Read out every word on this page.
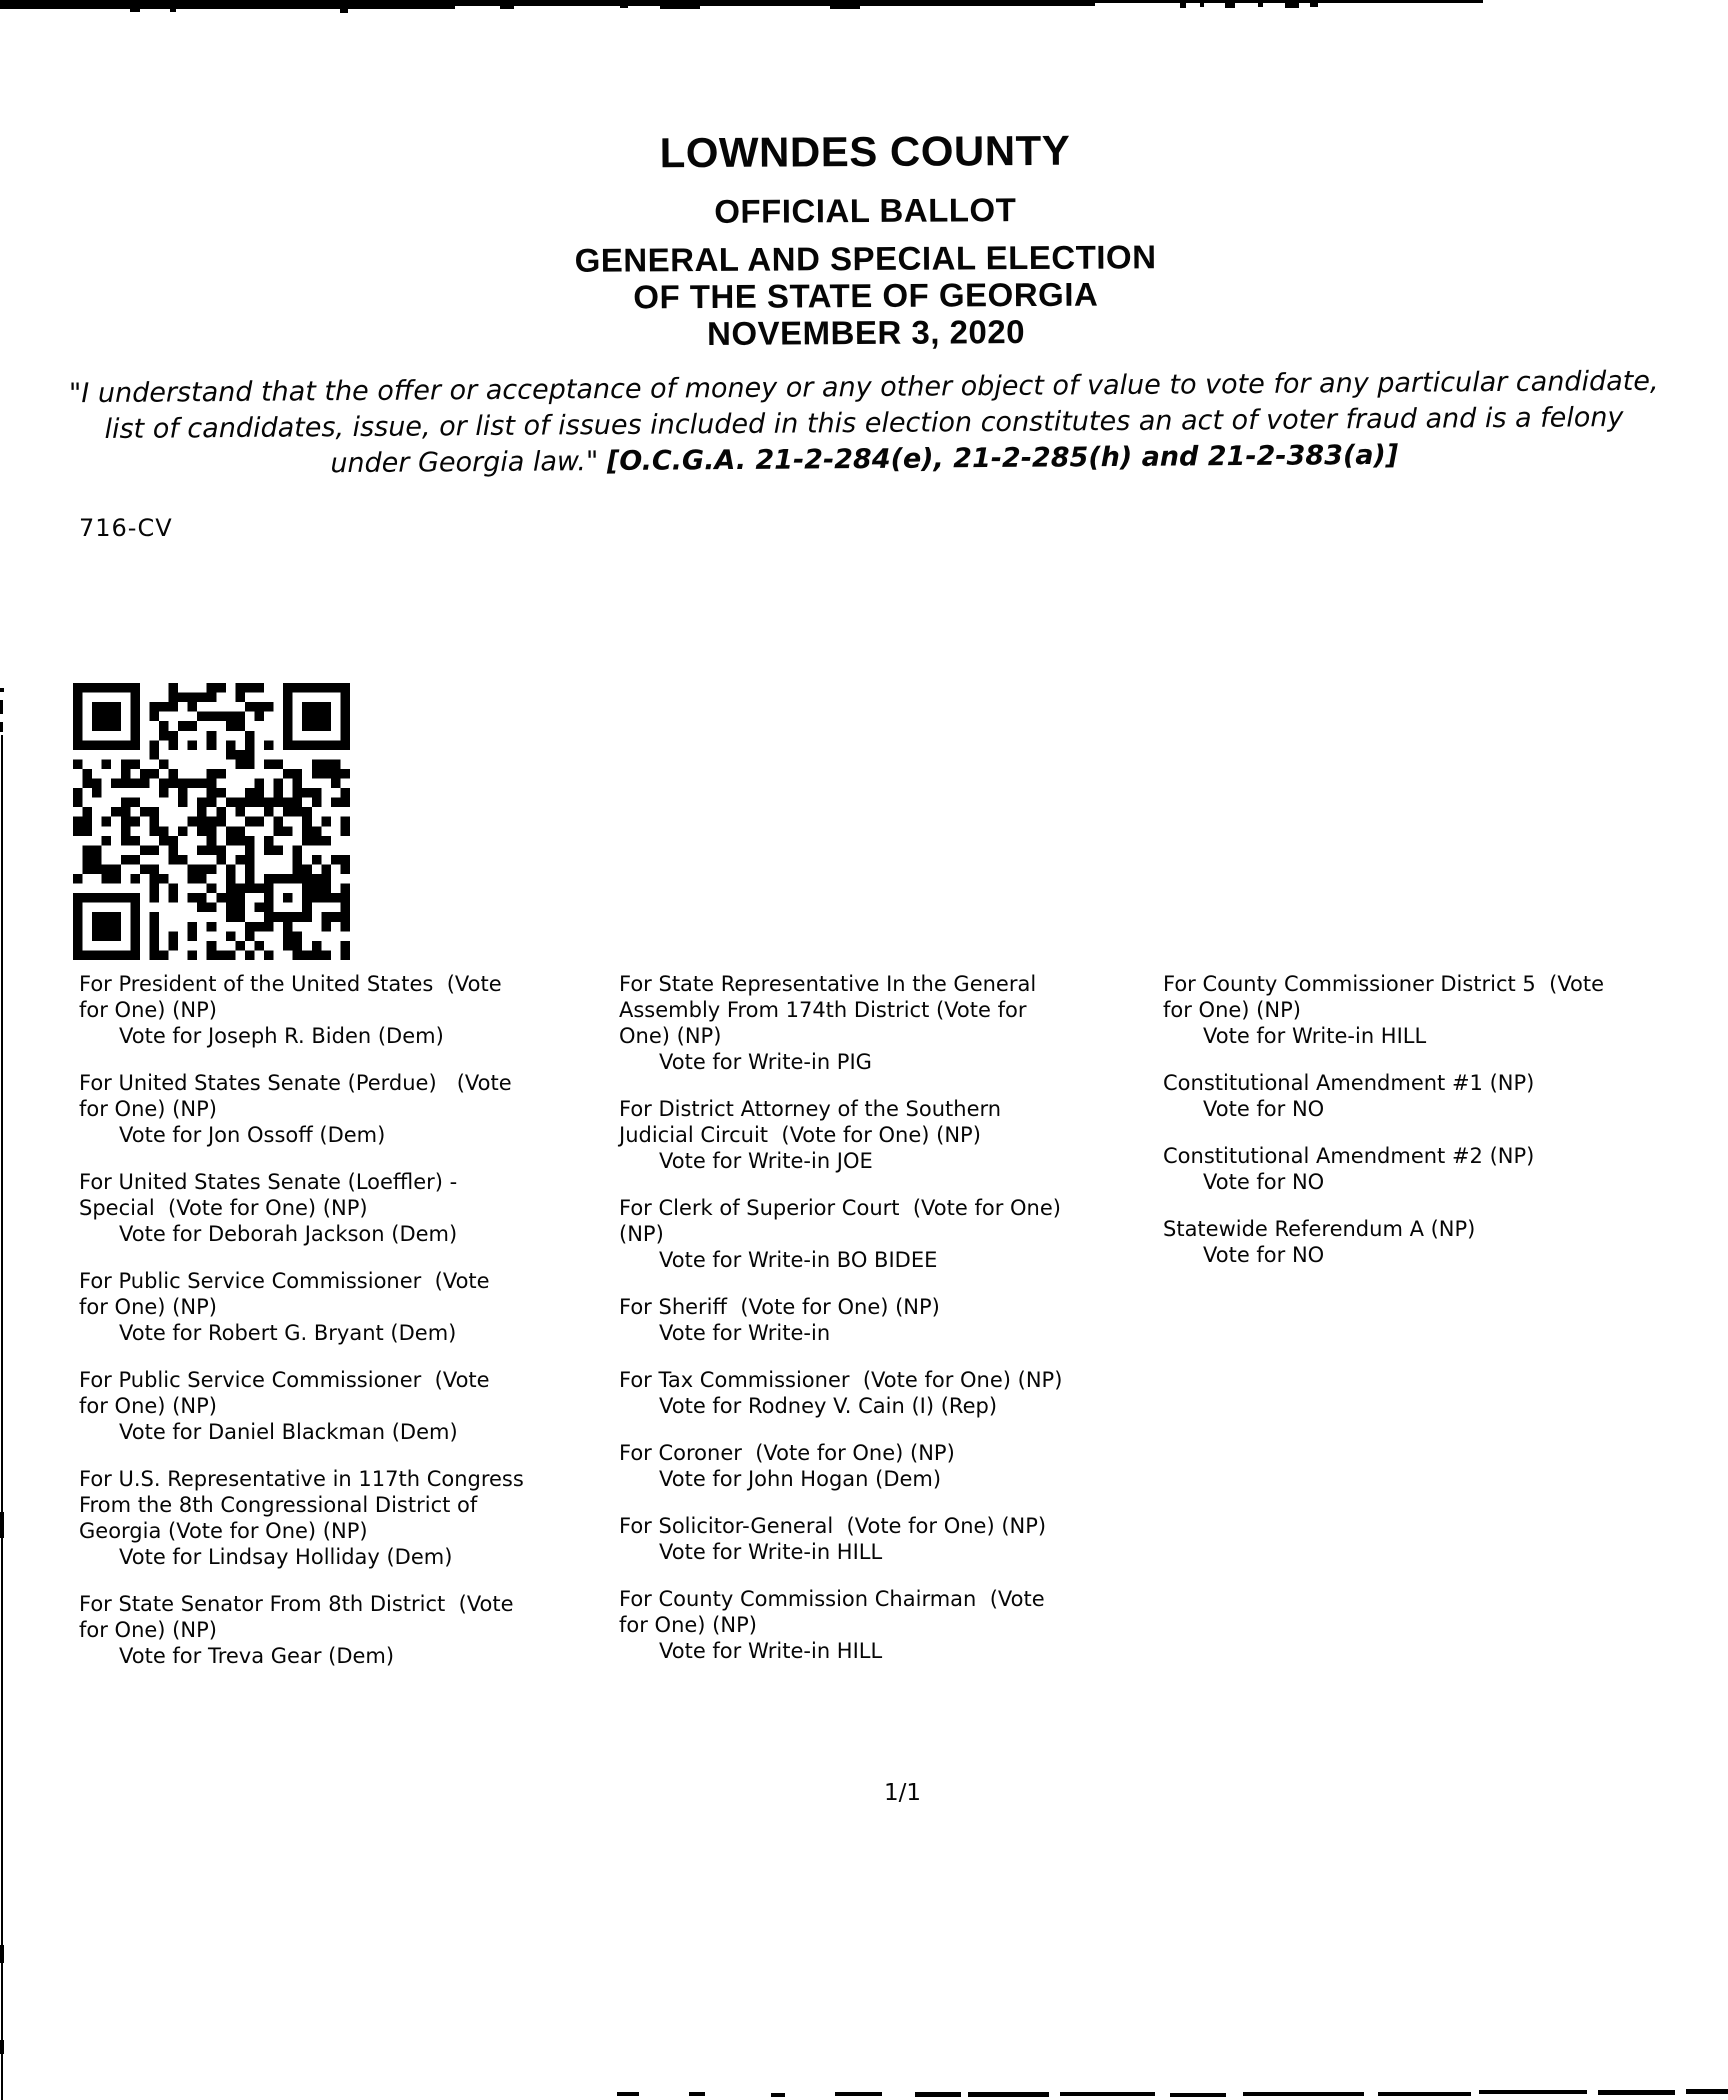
LOWNDES COUNTY
OFFICIAL BALLOT
GENERAL AND SPECIAL ELECTION
OF THE STATE OF GEORGIA
NOVEMBER 3, 2020
"I understand that the offer or acceptance of money or any other object of value to vote for any particular candidate,
list of candidates, issue, or list of issues included in this election constitutes an act of voter fraud and is a felony
under Georgia law." [O.C.G.A. 21-2-284(e), 21-2-285(h) and 21-2-383(a)]
716-CV
For President of the United States  (Vote
for One) (NP)
Vote for Joseph R. Biden (Dem)
For United States Senate (Perdue)   (Vote
for One) (NP)
Vote for Jon Ossoff (Dem)
For United States Senate (Loeffler) -
Special  (Vote for One) (NP)
Vote for Deborah Jackson (Dem)
For Public Service Commissioner  (Vote
for One) (NP)
Vote for Robert G. Bryant (Dem)
For Public Service Commissioner  (Vote
for One) (NP)
Vote for Daniel Blackman (Dem)
For U.S. Representative in 117th Congress
From the 8th Congressional District of
Georgia (Vote for One) (NP)
Vote for Lindsay Holliday (Dem)
For State Senator From 8th District  (Vote
for One) (NP)
Vote for Treva Gear (Dem)
For State Representative In the General
Assembly From 174th District (Vote for
One) (NP)
Vote for Write-in PIG
For District Attorney of the Southern
Judicial Circuit  (Vote for One) (NP)
Vote for Write-in JOE
For Clerk of Superior Court  (Vote for One)
(NP)
Vote for Write-in BO BIDEE
For Sheriff  (Vote for One) (NP)
Vote for Write-in
For Tax Commissioner  (Vote for One) (NP)
Vote for Rodney V. Cain (I) (Rep)
For Coroner  (Vote for One) (NP)
Vote for John Hogan (Dem)
For Solicitor-General  (Vote for One) (NP)
Vote for Write-in HILL
For County Commission Chairman  (Vote
for One) (NP)
Vote for Write-in HILL
For County Commissioner District 5  (Vote
for One) (NP)
Vote for Write-in HILL
Constitutional Amendment #1 (NP)
Vote for NO
Constitutional Amendment #2 (NP)
Vote for NO
Statewide Referendum A (NP)
Vote for NO
1/1
